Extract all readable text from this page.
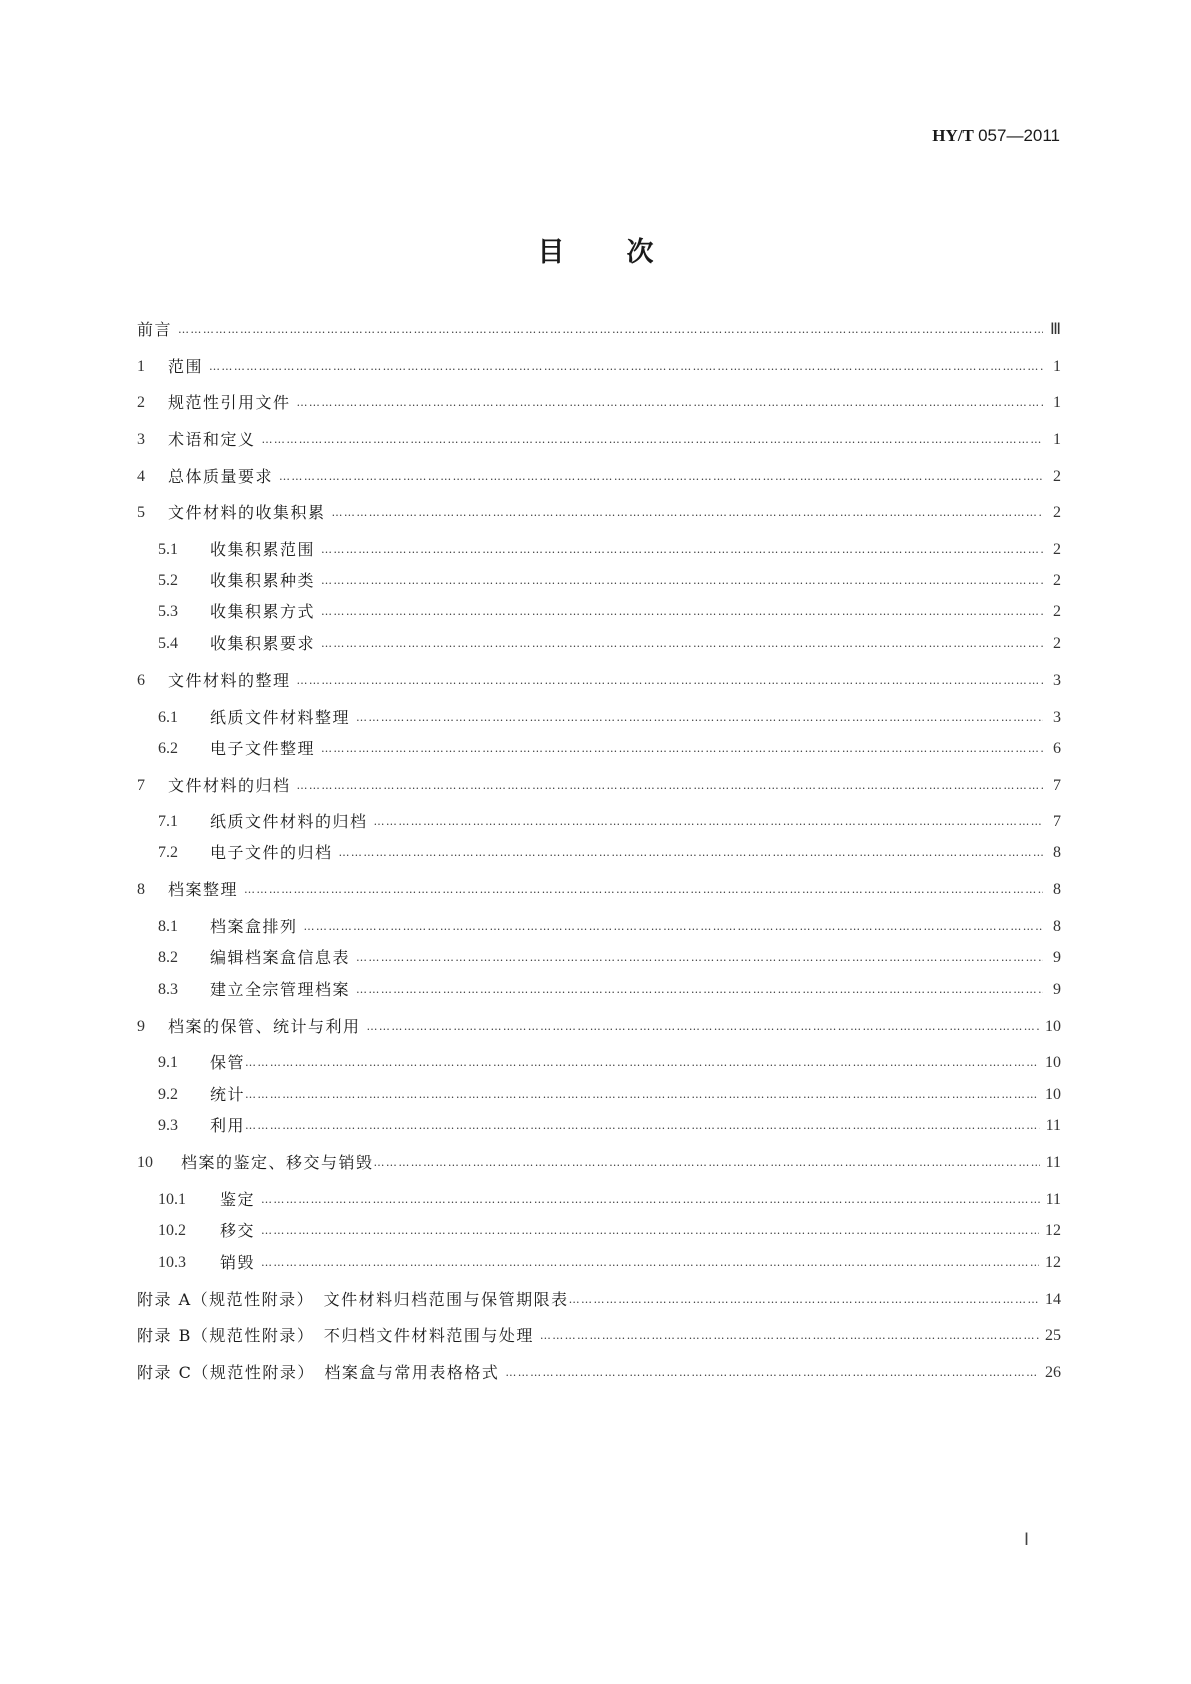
HY/T 057—2011
目次
前言 ……………………………………………………………………………………………………………………………………………………………………………………………………………………………………………………………………………………………………………………………	Ⅲ
1	范围 ……………………………………………………………………………………………………………………………………………………………………………………………………………………………………………………………………………………………………………………………	1
2	规范性引用文件 ……………………………………………………………………………………………………………………………………………………………………………………………………………………………………………………………………………………………………………………………	1
3	术语和定义 ……………………………………………………………………………………………………………………………………………………………………………………………………………………………………………………………………………………………………………………………	1
4	总体质量要求 ……………………………………………………………………………………………………………………………………………………………………………………………………………………………………………………………………………………………………………………………	2
5	文件材料的收集积累 ……………………………………………………………………………………………………………………………………………………………………………………………………………………………………………………………………………………………………………………………	2
5.1	收集积累范围 ……………………………………………………………………………………………………………………………………………………………………………………………………………………………………………………………………………………………………………………………	2
5.2	收集积累种类 ……………………………………………………………………………………………………………………………………………………………………………………………………………………………………………………………………………………………………………………………	2
5.3	收集积累方式 ……………………………………………………………………………………………………………………………………………………………………………………………………………………………………………………………………………………………………………………………	2
5.4	收集积累要求 ……………………………………………………………………………………………………………………………………………………………………………………………………………………………………………………………………………………………………………………………	2
6	文件材料的整理 ……………………………………………………………………………………………………………………………………………………………………………………………………………………………………………………………………………………………………………………………	3
6.1	纸质文件材料整理 ……………………………………………………………………………………………………………………………………………………………………………………………………………………………………………………………………………………………………………………………	3
6.2	电子文件整理 ……………………………………………………………………………………………………………………………………………………………………………………………………………………………………………………………………………………………………………………………	6
7	文件材料的归档 ……………………………………………………………………………………………………………………………………………………………………………………………………………………………………………………………………………………………………………………………	7
7.1	纸质文件材料的归档 ……………………………………………………………………………………………………………………………………………………………………………………………………………………………………………………………………………………………………………………………	7
7.2	电子文件的归档 ……………………………………………………………………………………………………………………………………………………………………………………………………………………………………………………………………………………………………………………………	8
8	档案整理 ……………………………………………………………………………………………………………………………………………………………………………………………………………………………………………………………………………………………………………………………	8
8.1	档案盒排列 ……………………………………………………………………………………………………………………………………………………………………………………………………………………………………………………………………………………………………………………………	8
8.2	编辑档案盒信息表 ……………………………………………………………………………………………………………………………………………………………………………………………………………………………………………………………………………………………………………………………	9
8.3	建立全宗管理档案 ……………………………………………………………………………………………………………………………………………………………………………………………………………………………………………………………………………………………………………………………	9
9	档案的保管、统计与利用 ……………………………………………………………………………………………………………………………………………………………………………………………………………………………………………………………………………………………………………………………	10
9.1	保管 ……………………………………………………………………………………………………………………………………………………………………………………………………………………………………………………………………………………………………………………………	10
9.2	统计 ……………………………………………………………………………………………………………………………………………………………………………………………………………………………………………………………………………………………………………………………	10
9.3	利用 ……………………………………………………………………………………………………………………………………………………………………………………………………………………………………………………………………………………………………………………………	11
10	档案的鉴定、移交与销毁 ……………………………………………………………………………………………………………………………………………………………………………………………………………………………………………………………………………………………………………………………	11
10.1	鉴定 ……………………………………………………………………………………………………………………………………………………………………………………………………………………………………………………………………………………………………………………………	11
10.2	移交 ……………………………………………………………………………………………………………………………………………………………………………………………………………………………………………………………………………………………………………………………	12
10.3	销毁 ……………………………………………………………………………………………………………………………………………………………………………………………………………………………………………………………………………………………………………………………	12
附录 A（规范性附录）　文件材料归档范围与保管期限表 ……………………………………………………………………………………………………………………………………………………………………………………………………………………………………………………………………………………………………………………………	14
附录 B（规范性附录）　不归档文件材料范围与处理 ……………………………………………………………………………………………………………………………………………………………………………………………………………………………………………………………………………………………………………………………	25
附录 C（规范性附录）　档案盒与常用表格格式 ……………………………………………………………………………………………………………………………………………………………………………………………………………………………………………………………………………………………………………………………	26
Ⅰ
